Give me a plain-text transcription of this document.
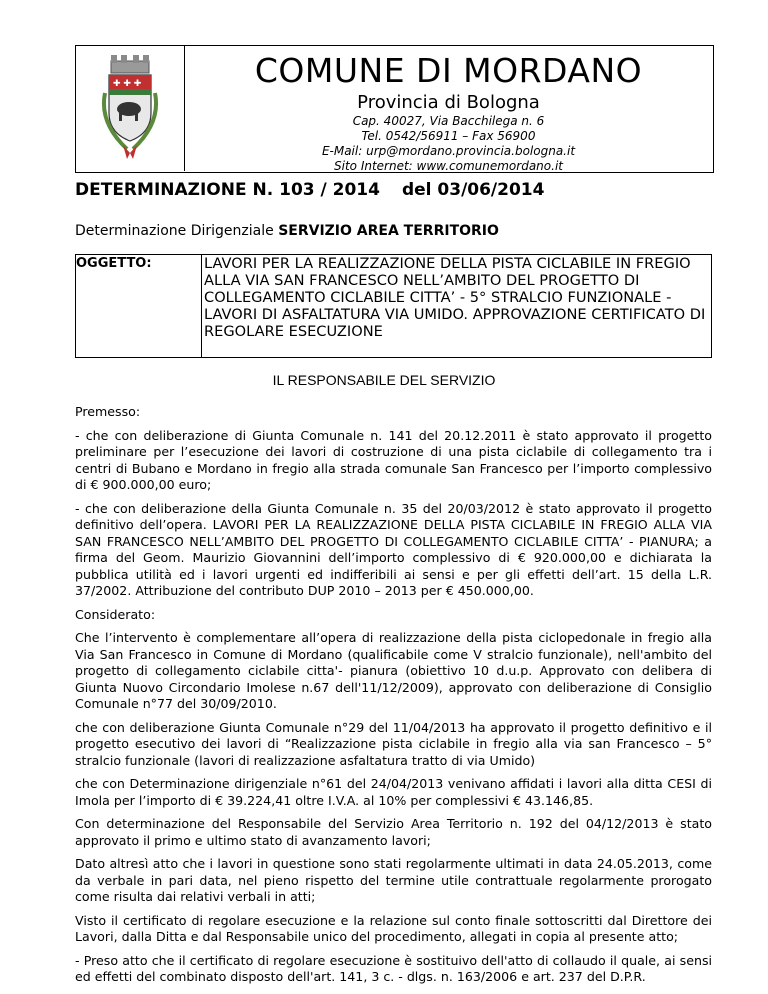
✚ ✚ ✚	COMUNE DI MORDANO
Provincia di Bologna
Cap. 40027, Via Bacchilega n. 6
Tel. 0542/56911 – Fax 56900
E-Mail: urp@mordano.provincia.bologna.it
Sito Internet: www.comunemordano.it
DETERMINAZIONE N. 103 / 2014 del 03/06/2014
Determinazione Dirigenziale SERVIZIO AREA TERRITORIO
OGGETTO:	LAVORI PER LA REALIZZAZIONE DELLA PISTA CICLABILE IN FREGIO ALLA VIA SAN FRANCESCO NELL’AMBITO DEL PROGETTO DI COLLEGAMENTO CICLABILE CITTA’ - 5° STRALCIO FUNZIONALE - LAVORI DI ASFALTATURA VIA UMIDO. APPROVAZIONE CERTIFICATO DI REGOLARE ESECUZIONE
IL RESPONSABILE DEL SERVIZIO

Premesso:

- che con deliberazione di Giunta Comunale n. 141 del 20.12.2011 è stato approvato il progetto preliminare per l’esecuzione dei lavori di costruzione di una pista ciclabile di collegamento tra i centri di Bubano e Mordano in fregio alla strada comunale San Francesco per l’importo complessivo di € 900.000,00 euro;

- che con deliberazione della Giunta Comunale n. 35 del 20/03/2012 è stato approvato il progetto definitivo dell’opera. LAVORI PER LA REALIZZAZIONE DELLA PISTA CICLABILE IN FREGIO ALLA VIA SAN FRANCESCO NELL’AMBITO DEL PROGETTO DI COLLEGAMENTO CICLABILE CITTA’ - PIANURA; a firma del Geom. Maurizio Giovannini dell’importo complessivo di € 920.000,00 e dichiarata la pubblica utilità ed i lavori urgenti ed indifferibili ai sensi e per gli effetti dell’art. 15 della L.R. 37/2002. Attribuzione del contributo DUP 2010 – 2013 per € 450.000,00.

Considerato:

Che l’intervento è complementare all’opera di realizzazione della pista ciclopedonale in fregio alla Via San Francesco in Comune di Mordano (qualificabile come V stralcio funzionale), nell'ambito del progetto di collegamento ciclabile citta'- pianura (obiettivo 10 d.u.p. Approvato con delibera di Giunta Nuovo Circondario Imolese n.67 dell'11/12/2009), approvato con deliberazione di Consiglio Comunale n°77 del 30/09/2010.

che con deliberazione Giunta Comunale n°29 del 11/04/2013 ha approvato il progetto definitivo e il progetto esecutivo dei lavori di “Realizzazione pista ciclabile in fregio alla via san Francesco – 5° stralcio funzionale (lavori di realizzazione asfaltatura tratto di via Umido)

che con Determinazione dirigenziale n°61 del 24/04/2013 venivano affidati i lavori alla ditta CESI di Imola per l’importo di € 39.224,41 oltre I.V.A. al 10% per complessivi € 43.146,85.

Con determinazione del Responsabile del Servizio Area Territorio n. 192 del 04/12/2013 è stato approvato il primo e ultimo stato di avanzamento lavori;

Dato altresì atto che i lavori in questione sono stati regolarmente ultimati in data 24.05.2013, come da verbale in pari data, nel pieno rispetto del termine utile contrattuale regolarmente prorogato come risulta dai relativi verbali in atti;

Visto il certificato di regolare esecuzione e la relazione sul conto finale sottoscritti dal Direttore dei Lavori, dalla Ditta e dal Responsabile unico del procedimento, allegati in copia al presente atto;

- Preso atto che il certificato di regolare esecuzione è sostituivo dell'atto di collaudo il quale, ai sensi ed effetti del combinato disposto dell'art. 141, 3 c. - dlgs. n. 163/2006 e art. 237 del D.P.R.
